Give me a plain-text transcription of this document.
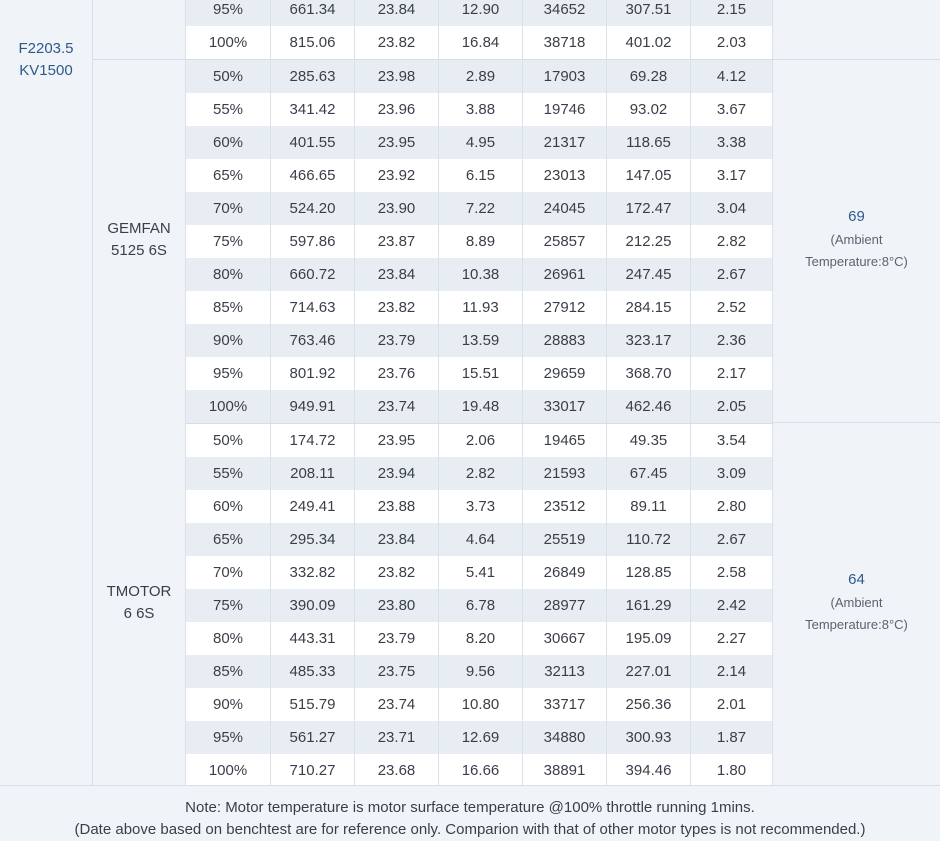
F2203.5
KV1500
GEMFAN
5125 6S
TMOTOR
6 6S
95%	661.34	23.84	12.90	34652	307.51	2.15
100%	815.06	23.82	16.84	38718	401.02	2.03
50%	285.63	23.98	2.89	17903	69.28	4.12
55%	341.42	23.96	3.88	19746	93.02	3.67
60%	401.55	23.95	4.95	21317	118.65	3.38
65%	466.65	23.92	6.15	23013	147.05	3.17
70%	524.20	23.90	7.22	24045	172.47	3.04
75%	597.86	23.87	8.89	25857	212.25	2.82
80%	660.72	23.84	10.38	26961	247.45	2.67
85%	714.63	23.82	11.93	27912	284.15	2.52
90%	763.46	23.79	13.59	28883	323.17	2.36
95%	801.92	23.76	15.51	29659	368.70	2.17
100%	949.91	23.74	19.48	33017	462.46	2.05
50%	174.72	23.95	2.06	19465	49.35	3.54
55%	208.11	23.94	2.82	21593	67.45	3.09
60%	249.41	23.88	3.73	23512	89.11	2.80
65%	295.34	23.84	4.64	25519	110.72	2.67
70%	332.82	23.82	5.41	26849	128.85	2.58
75%	390.09	23.80	6.78	28977	161.29	2.42
80%	443.31	23.79	8.20	30667	195.09	2.27
85%	485.33	23.75	9.56	32113	227.01	2.14
90%	515.79	23.74	10.80	33717	256.36	2.01
95%	561.27	23.71	12.69	34880	300.93	1.87
100%	710.27	23.68	16.66	38891	394.46	1.80
69
(Ambient
Temperature:8°C)
64
(Ambient
Temperature:8°C)
Note: Motor temperature is motor surface temperature @100% throttle running 1mins.
(Date above based on benchtest are for reference only. Comparion with that of other motor types is not recommended.)
